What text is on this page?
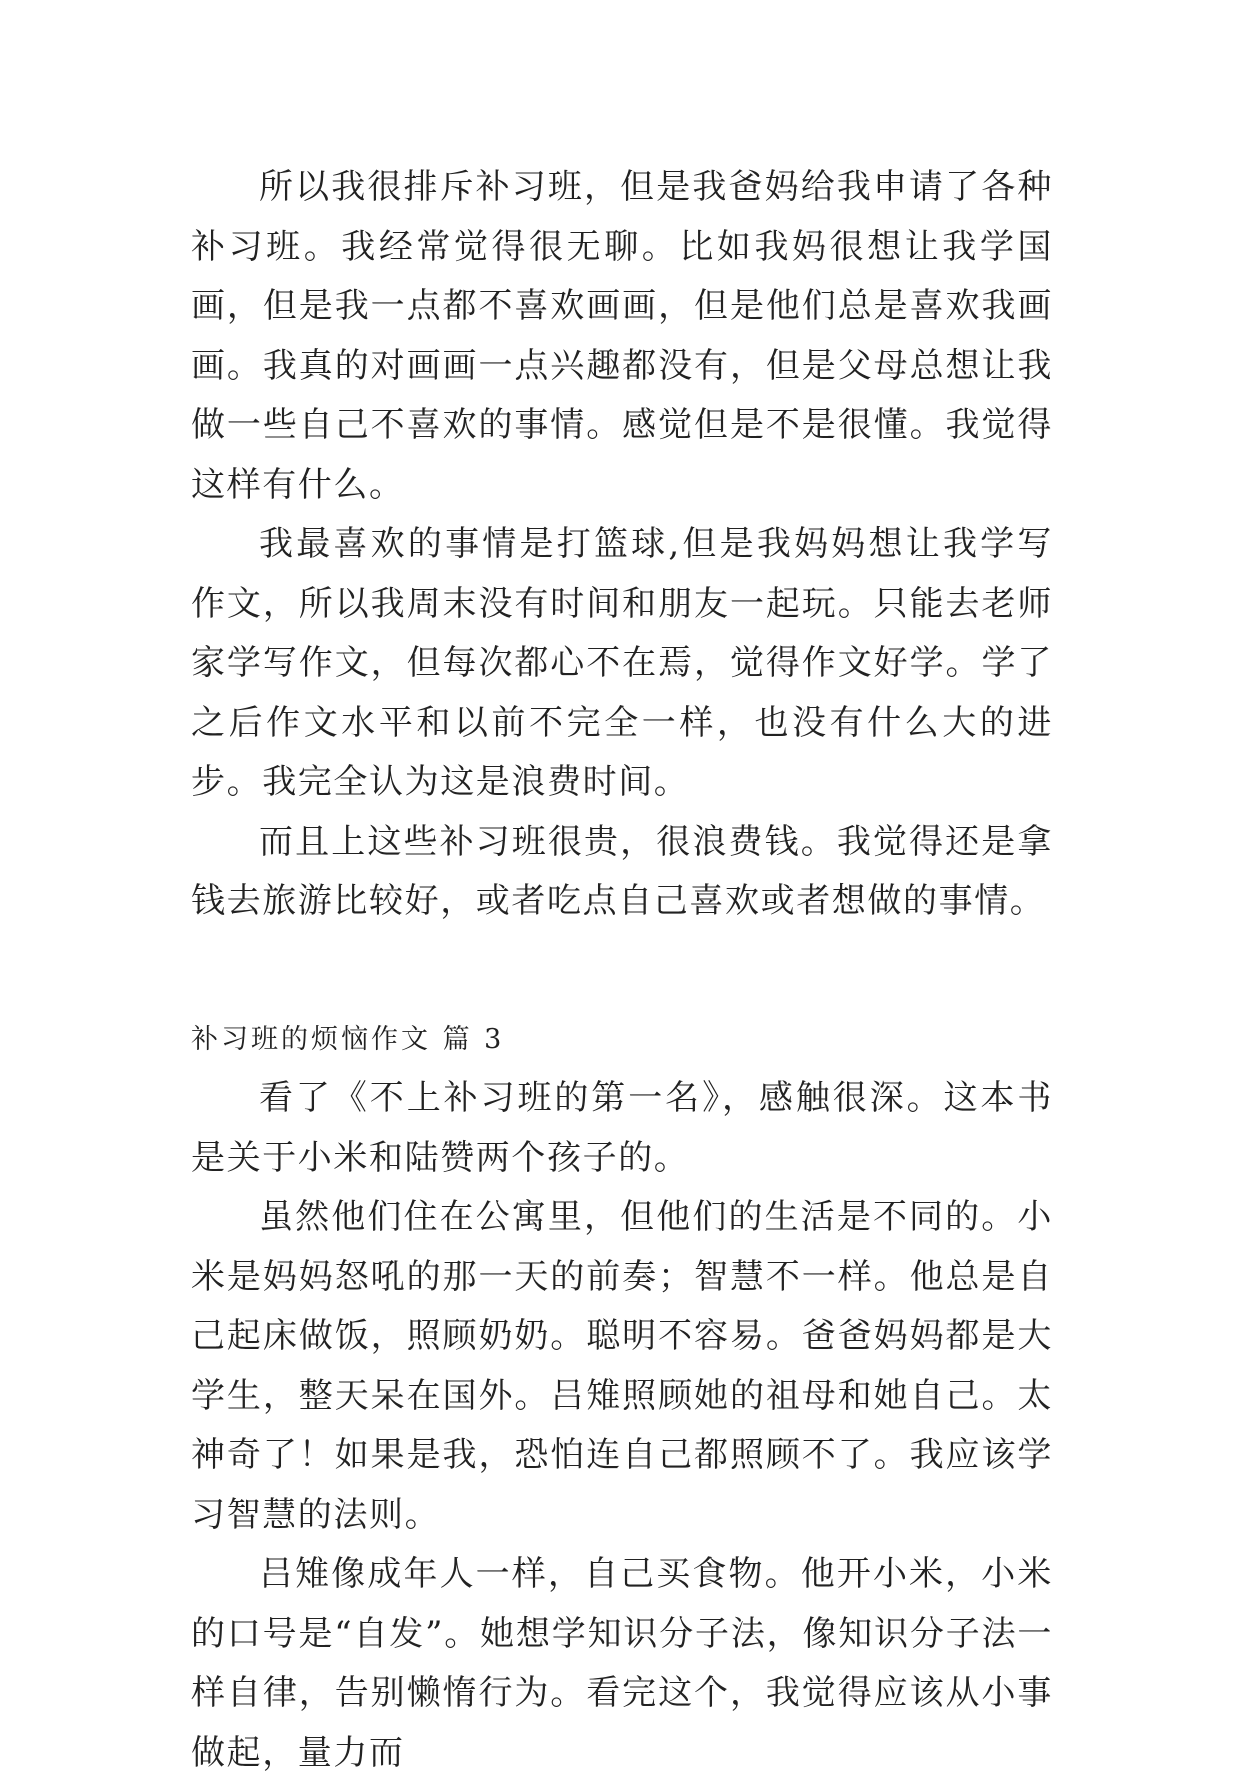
所以我很排斥补习班，但是我爸妈给我申请了各种补习班。我经常觉得很无聊。比如我妈很想让我学国画，但是我一点都不喜欢画画，但是他们总是喜欢我画画。我真的对画画一点兴趣都没有，但是父母总想让我做一些自己不喜欢的事情。感觉但是不是很懂。我觉得这样有什么。

我最喜欢的事情是打篮球,但是我妈妈想让我学写作文，所以我周末没有时间和朋友一起玩。只能去老师家学写作文，但每次都心不在焉，觉得作文好学。学了之后作文水平和以前不完全一样，也没有什么大的进步。我完全认为这是浪费时间。

而且上这些补习班很贵，很浪费钱。我觉得还是拿钱去旅游比较好，或者吃点自己喜欢或者想做的事情。

补习班的烦恼作文 篇 3

看了《不上补习班的第一名》，感触很深。这本书是关于小米和陆赞两个孩子的。

虽然他们住在公寓里，但他们的生活是不同的。小米是妈妈怒吼的那一天的前奏；智慧不一样。他总是自己起床做饭，照顾奶奶。聪明不容易。爸爸妈妈都是大学生，整天呆在国外。吕雉照顾她的祖母和她自己。太神奇了！如果是我，恐怕连自己都照顾不了。我应该学习智慧的法则。

吕雉像成年人一样，自己买食物。他开小米，小米的口号是“自发”。她想学知识分子法，像知识分子法一样自律，告别懒惰行为。看完这个，我觉得应该从小事做起，量力而
